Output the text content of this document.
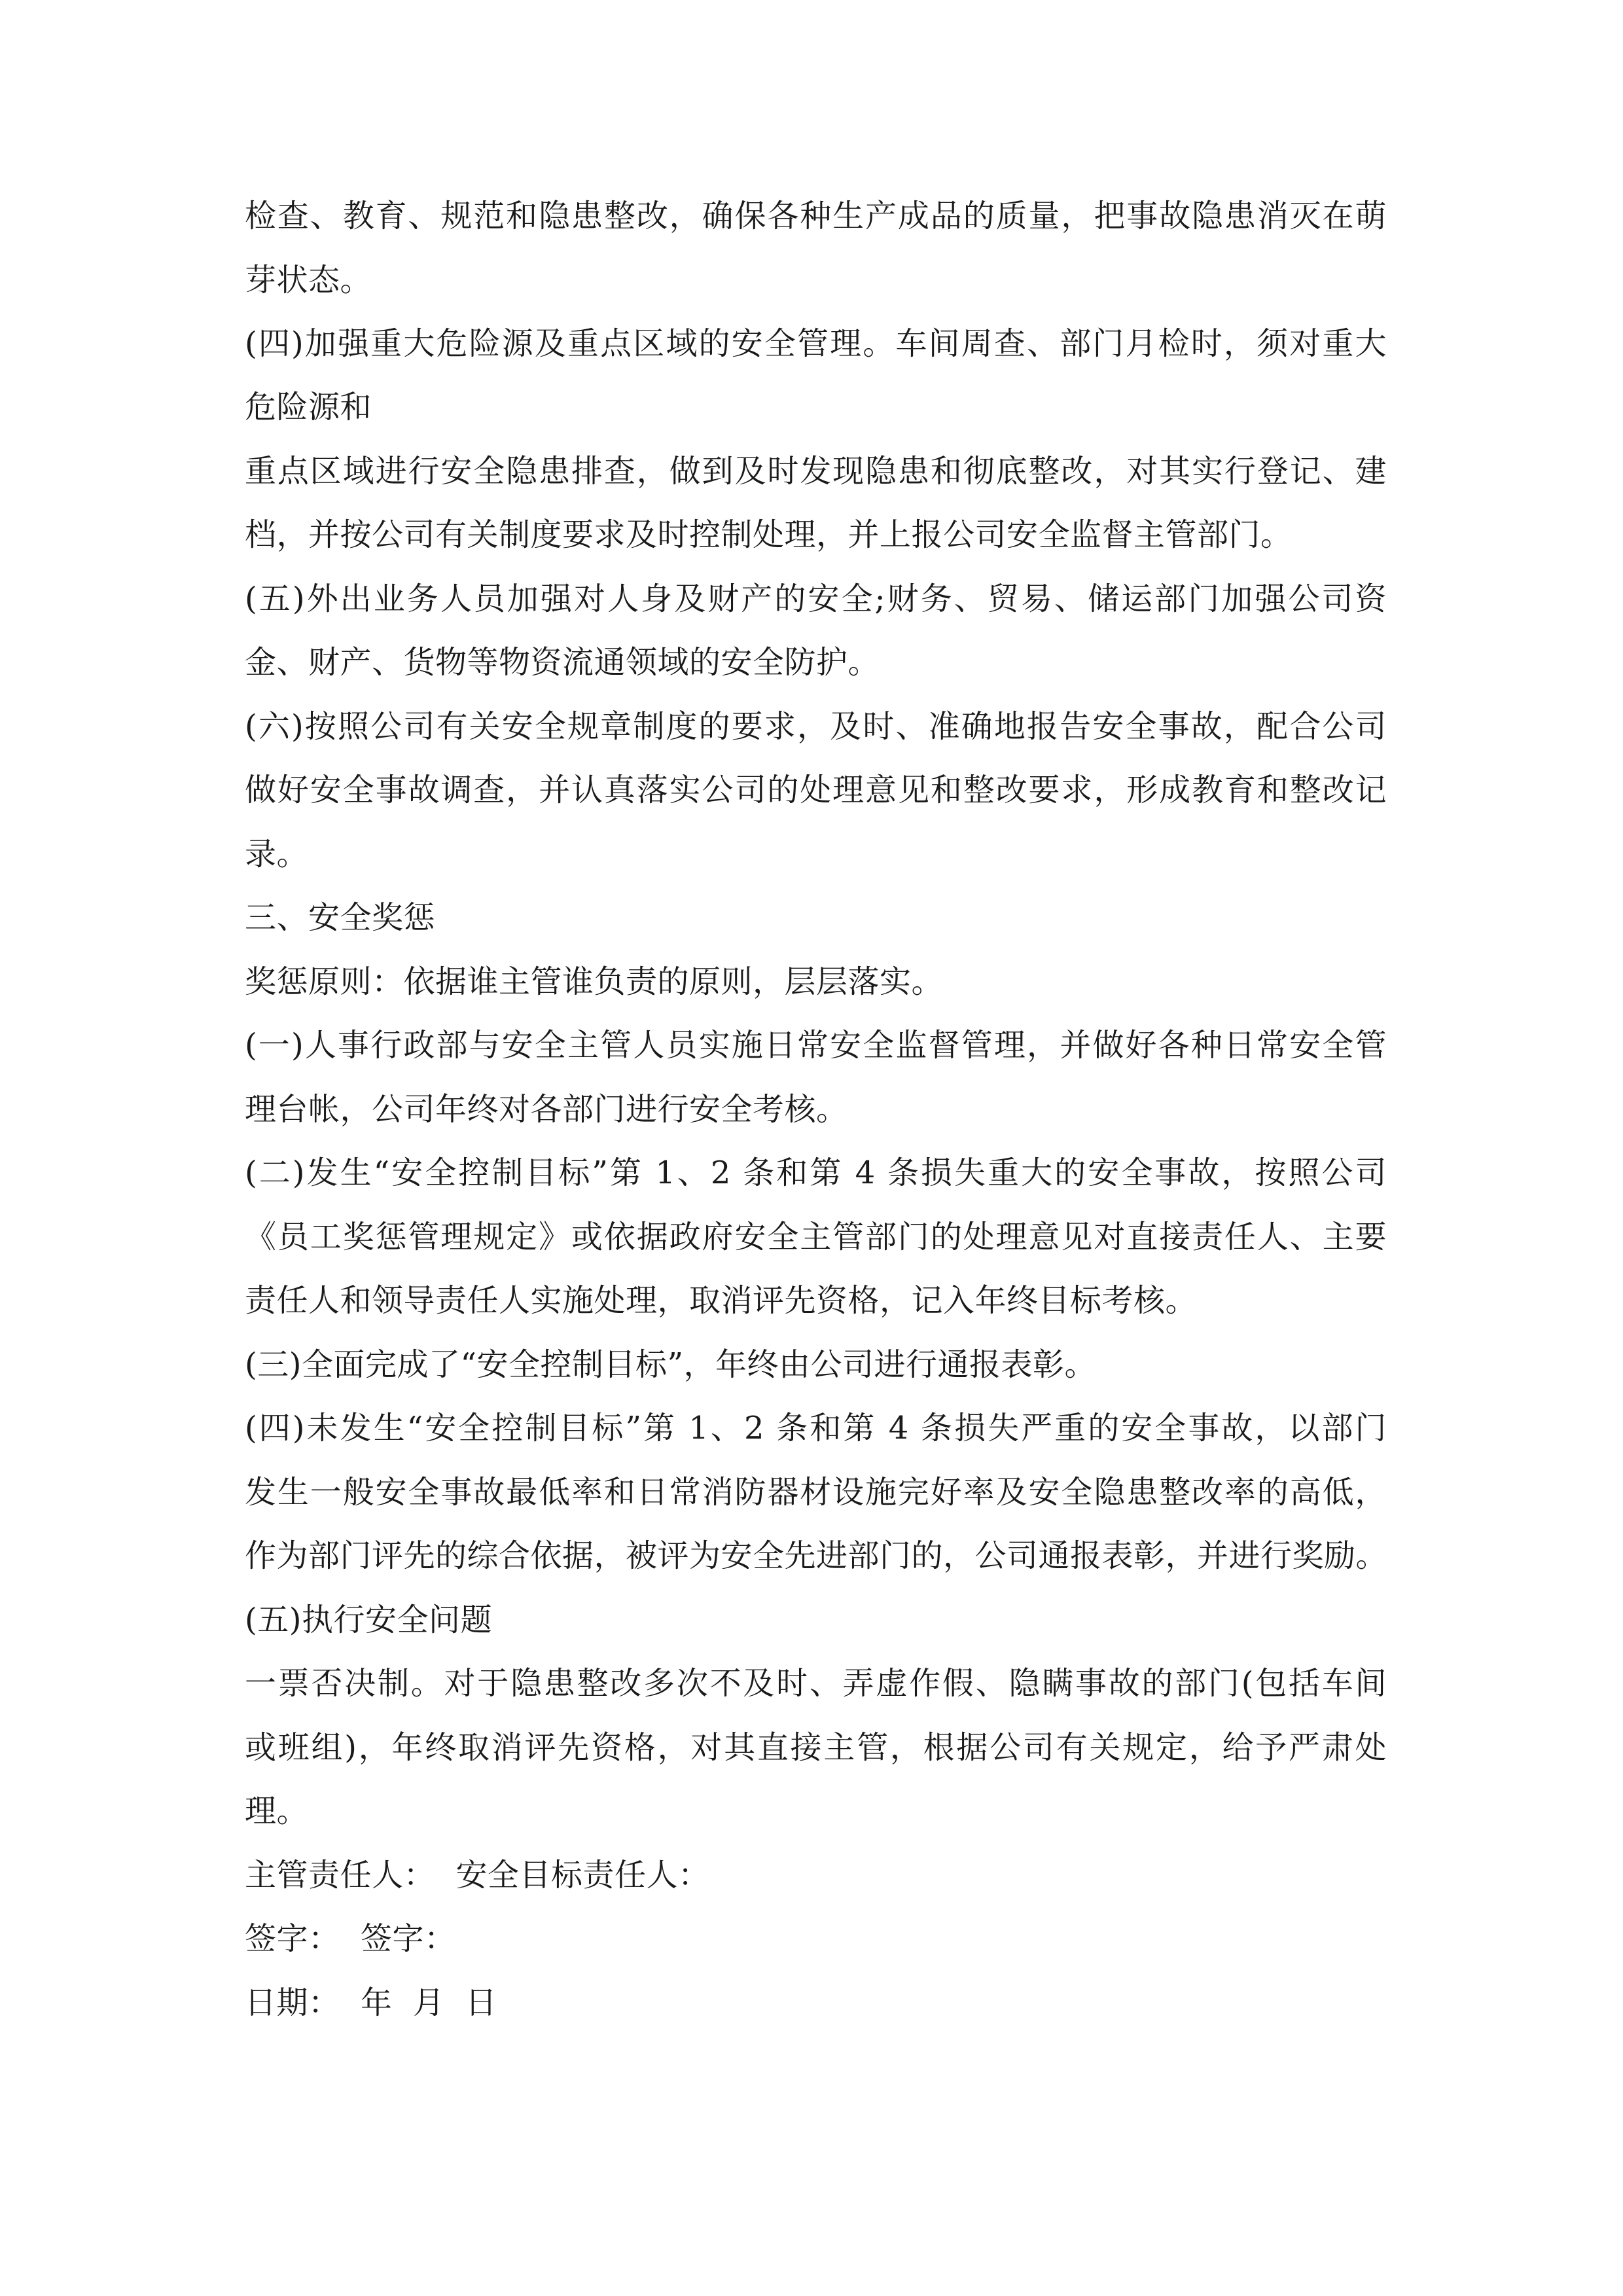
检查、教育、规范和隐患整改，确保各种生产成品的质量，把事故隐患消灭在萌
芽状态。
(四)加强重大危险源及重点区域的安全管理。车间周查、部门月检时，须对重大
危险源和
重点区域进行安全隐患排查，做到及时发现隐患和彻底整改，对其实行登记、建
档，并按公司有关制度要求及时控制处理，并上报公司安全监督主管部门。
(五)外出业务人员加强对人身及财产的安全;财务、贸易、储运部门加强公司资
金、财产、货物等物资流通领域的安全防护。
(六)按照公司有关安全规章制度的要求，及时、准确地报告安全事故，配合公司
做好安全事故调查，并认真落实公司的处理意见和整改要求，形成教育和整改记
录。
三、安全奖惩
奖惩原则：依据谁主管谁负责的原则，层层落实。
(一)人事行政部与安全主管人员实施日常安全监督管理，并做好各种日常安全管
理台帐，公司年终对各部门进行安全考核。
(二)发生“安全控制目标”第 1、2 条和第 4 条损失重大的安全事故，按照公司
《员工奖惩管理规定》或依据政府安全主管部门的处理意见对直接责任人、主要
责任人和领导责任人实施处理，取消评先资格，记入年终目标考核。
(三)全面完成了“安全控制目标”，年终由公司进行通报表彰。
(四)未发生“安全控制目标”第 1、2 条和第 4 条损失严重的安全事故，以部门
发生一般安全事故最低率和日常消防器材设施完好率及安全隐患整改率的高低，
作为部门评先的综合依据，被评为安全先进部门的，公司通报表彰，并进行奖励。
(五)执行安全问题
一票否决制。对于隐患整改多次不及时、弄虚作假、隐瞒事故的部门(包括车间
或班组)，年终取消评先资格，对其直接主管，根据公司有关规定，给予严肃处
理。
主管责任人：  安全目标责任人：
签字：  签字：
日期：  年  月  日
